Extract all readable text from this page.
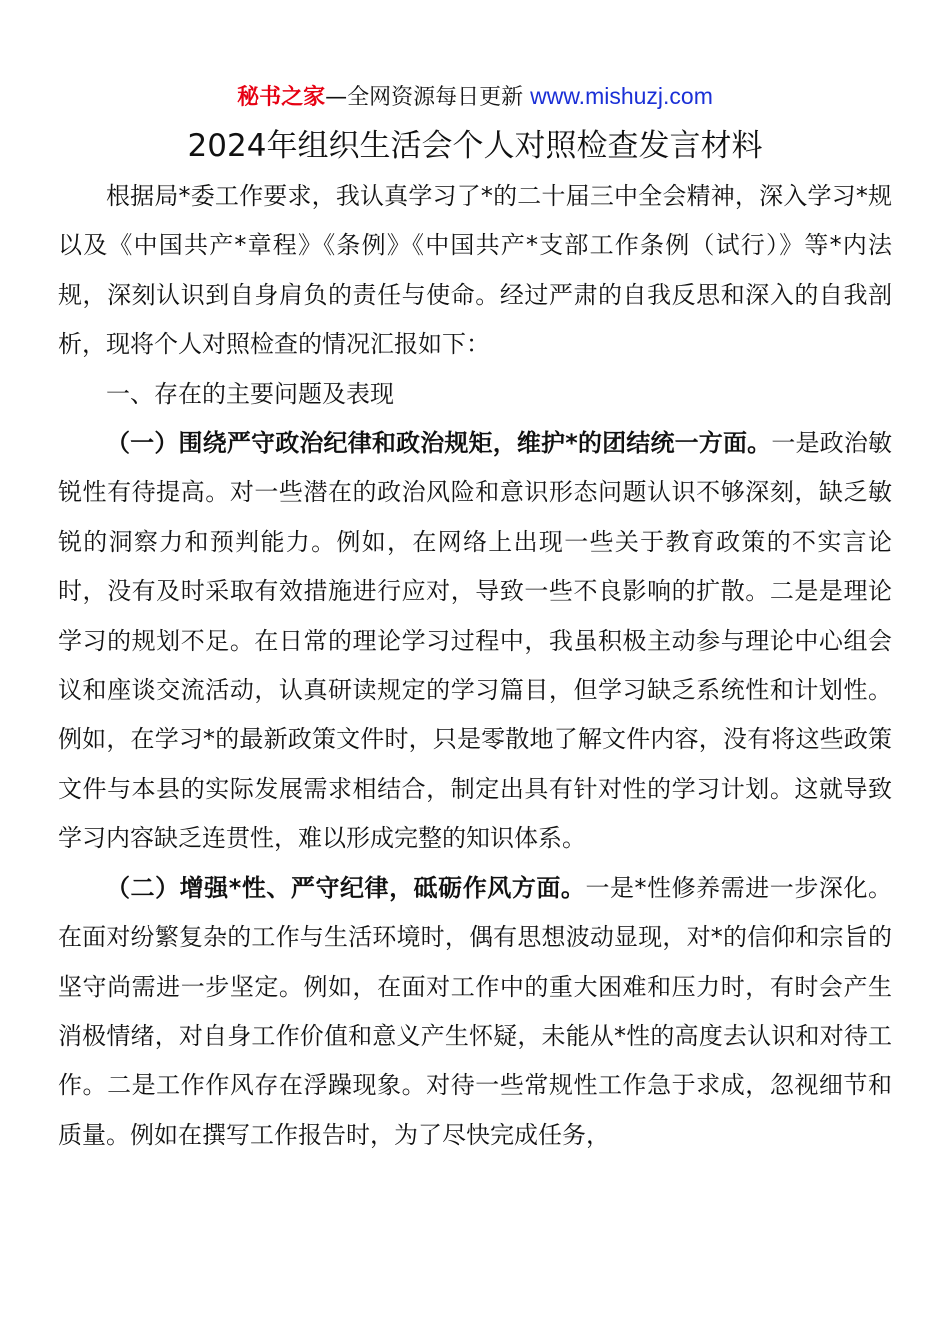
秘书之家—全网资源每日更新 www.mishuzj.com
2024年组织生活会个人对照检查发言材料

根据局*委工作要求，我认真学习了*的二十届三中全会精神，深入学习*规以及《中国共产*章程》《条例》《中国共产*支部工作条例（试行）》等*内法规，深刻认识到自身肩负的责任与使命。经过严肃的自我反思和深入的自我剖析，现将个人对照检查的情况汇报如下：

一、存在的主要问题及表现

（一）围绕严守政治纪律和政治规矩，维护*的团结统一方面。一是政治敏锐性有待提高。对一些潜在的政治风险和意识形态问题认识不够深刻，缺乏敏锐的洞察力和预判能力。例如，在网络上出现一些关于教育政策的不实言论时，没有及时采取有效措施进行应对，导致一些不良影响的扩散。二是是理论学习的规划不足。在日常的理论学习过程中，我虽积极主动参与理论中心组会议和座谈交流活动，认真研读规定的学习篇目，但学习缺乏系统性和计划性。例如，在学习*的最新政策文件时，只是零散地了解文件内容，没有将这些政策文件与本县的实际发展需求相结合，制定出具有针对性的学习计划。这就导致学习内容缺乏连贯性，难以形成完整的知识体系。

（二）增强*性、严守纪律，砥砺作风方面。一是*性修养需进一步深化。在面对纷繁复杂的工作与生活环境时，偶有思想波动显现，对*的信仰和宗旨的坚守尚需进一步坚定。例如，在面对工作中的重大困难和压力时，有时会产生消极情绪，对自身工作价值和意义产生怀疑，未能从*性的高度去认识和对待工作。二是工作作风存在浮躁现象。对待一些常规性工作急于求成，忽视细节和质量。例如在撰写工作报告时，为了尽快完成任务，
